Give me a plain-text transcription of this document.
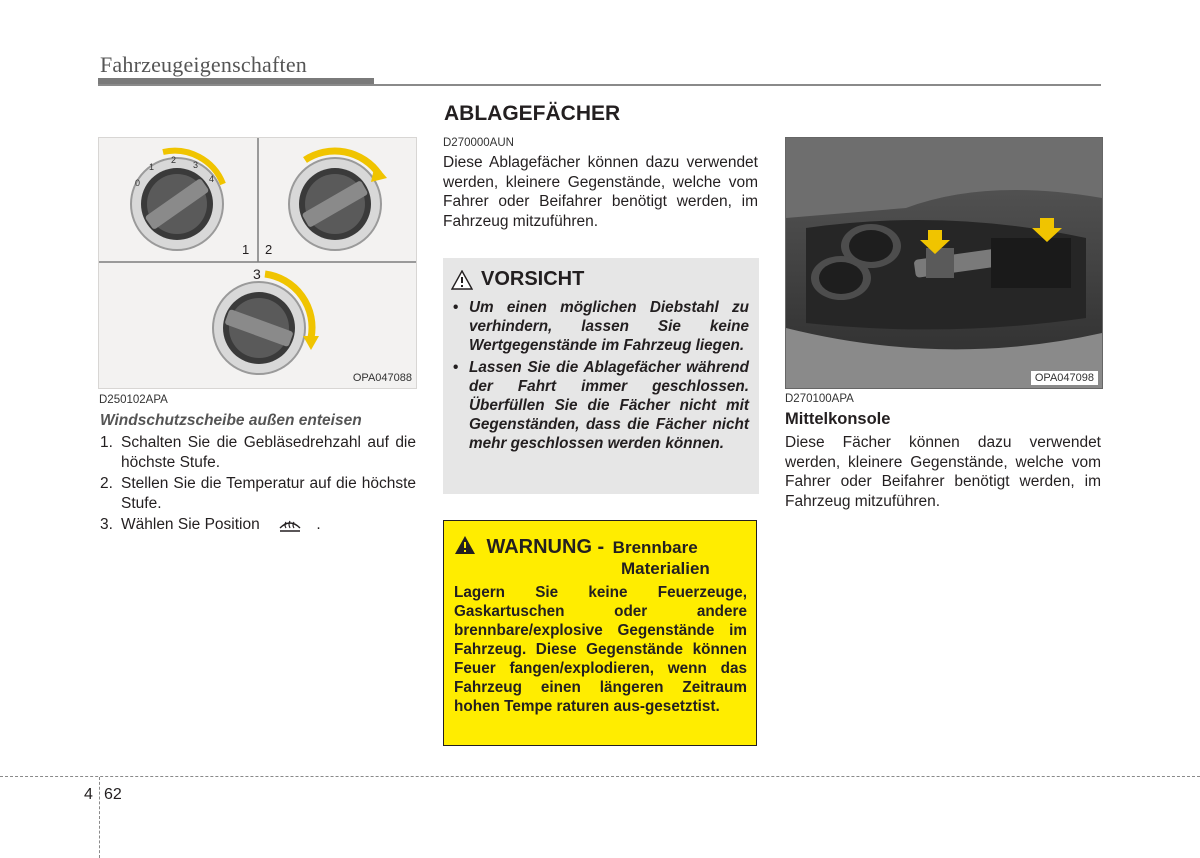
Fahrzeugeigenschaften
0
1
2 3
4
1 2
3
OPA047088
D250102APA
Windschutzscheibe außen enteisen
1. Schalten Sie die Gebläsedrehzahl auf die höchste Stufe.
2. Stellen Sie die Temperatur auf die höchste Stufe.
3. Wählen Sie Position	.
ABLAGEFÄCHER
D270000AUN
Diese Ablagefächer können dazu verwendet werden, kleinere Gegenstände, welche vom Fahrer oder Beifahrer benötigt werden, im Fahrzeug mitzuführen.
VORSICHT
• Um einen möglichen Diebstahl zu verhindern, lassen Sie keine Wertgegenstände im Fahrzeug liegen.
• Lassen Sie die Ablagefächer während der Fahrt immer geschlossen. Überfüllen Sie die Fächer nicht mit Gegenständen, dass die Fächer nicht mehr geschlossen werden können.
WARNUNG - Brennbare
Materialien
Lagern Sie keine Feuerzeuge, Gaskartuschen oder andere brennbare/explosive Gegenstände im Fahrzeug. Diese Gegenstände können Feuer fangen/explodieren, wenn das Fahrzeug einen längeren Zeitraum hohen Tempe raturen aus-gesetztist.
OPA047098
D270100APA
Mittelkonsole
Diese Fächer können dazu verwendet werden, kleinere Gegenstände, welche vom Fahrer oder Beifahrer benötigt werden, im Fahrzeug mitzuführen.
4 62
